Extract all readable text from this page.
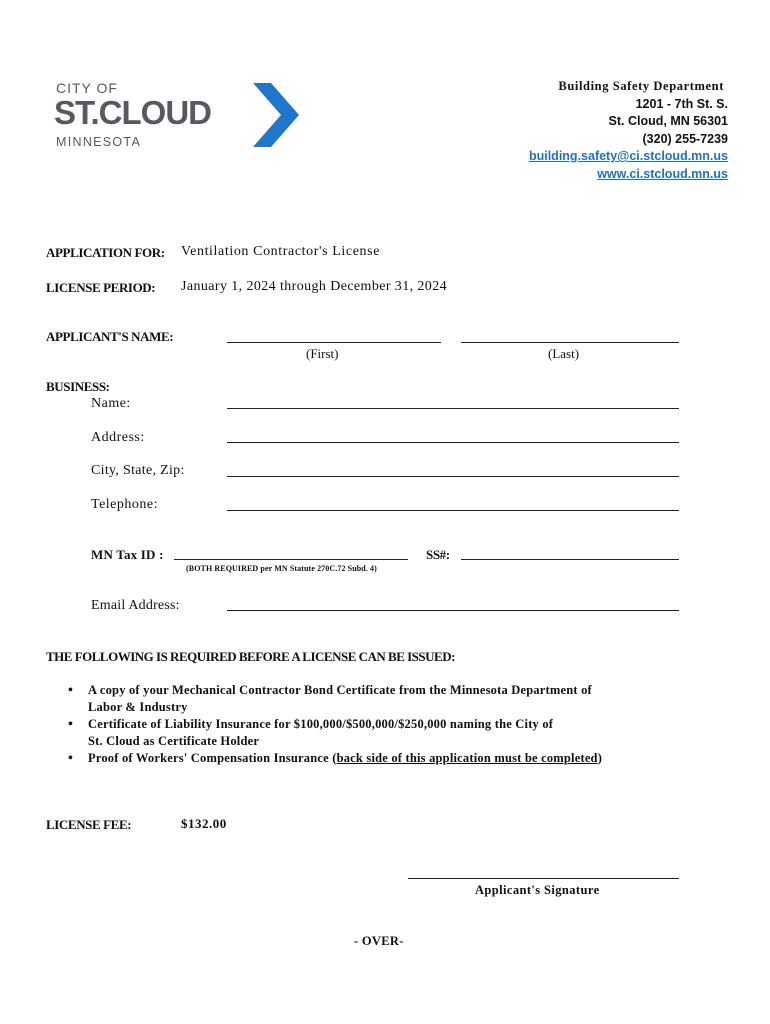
CITY OF
ST.CLOUD
MINNESOTA
Building Safety Department
1201 - 7th St. S.
St. Cloud, MN 56301
(320) 255-7239
building.safety@ci.stcloud.mn.us
www.ci.stcloud.mn.us
APPLICATION FOR: Ventilation Contractor's License
LICENSE PERIOD: January 1, 2024 through December 31, 2024
APPLICANT'S NAME:
(First)	(Last)
BUSINESS:
Name:
Address:
City, State, Zip:
Telephone:
MN Tax ID :	SS#:
(BOTH REQUIRED per MN Statute 270C.72 Subd. 4)
Email Address:
THE FOLLOWING IS REQUIRED BEFORE A LICENSE CAN BE ISSUED:
• A copy of your Mechanical Contractor Bond Certificate from the Minnesota Department of
Labor & Industry
• Certificate of Liability Insurance for $100,000/$500,000/$250,000 naming the City of
St. Cloud as Certificate Holder
• Proof of Workers' Compensation Insurance (back side of this application must be completed)
LICENSE FEE:	$132.00
Applicant's Signature
- OVER-
